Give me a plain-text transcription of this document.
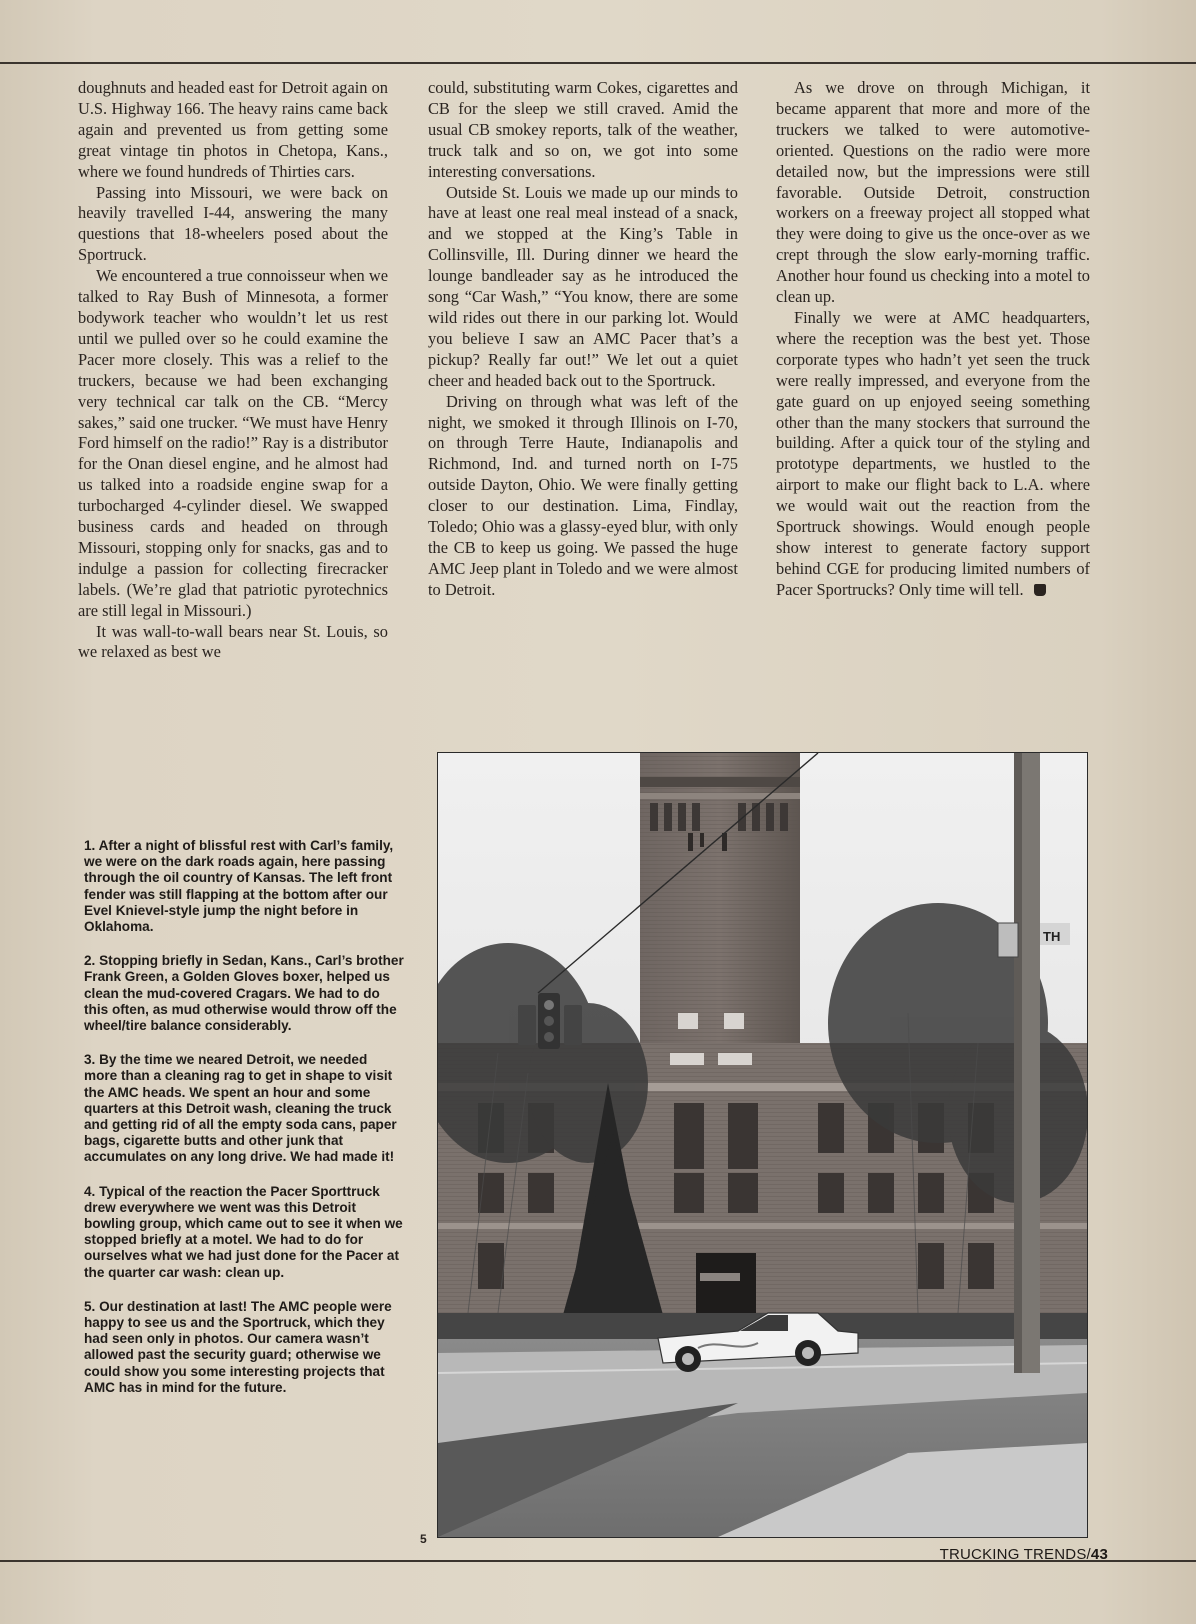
doughnuts and headed east for Detroit again on U.S. Highway 166. The heavy rains came back again and prevented us from getting some great vintage tin photos in Chetopa, Kans., where we found hundreds of Thirties cars.

Passing into Missouri, we were back on heavily travelled I-44, answering the many questions that 18-wheelers posed about the Sportruck.

We encountered a true connoisseur when we talked to Ray Bush of Minnesota, a former bodywork teacher who wouldn’t let us rest until we pulled over so he could examine the Pacer more closely. This was a relief to the truckers, because we had been exchanging very technical car talk on the CB. “Mercy sakes,” said one trucker. “We must have Henry Ford himself on the radio!” Ray is a distributor for the Onan diesel engine, and he almost had us talked into a roadside engine swap for a turbocharged 4-cylinder diesel. We swapped business cards and headed on through Missouri, stopping only for snacks, gas and to indulge a passion for collecting firecracker labels. (We’re glad that patriotic pyrotechnics are still legal in Missouri.)

It was wall-to-wall bears near St. Louis, so we relaxed as best we

could, substituting warm Cokes, cigarettes and CB for the sleep we still craved. Amid the usual CB smokey reports, talk of the weather, truck talk and so on, we got into some interesting conversations.

Outside St. Louis we made up our minds to have at least one real meal instead of a snack, and we stopped at the King’s Table in Collinsville, Ill. During dinner we heard the lounge bandleader say as he introduced the song “Car Wash,” “You know, there are some wild rides out there in our parking lot. Would you believe I saw an AMC Pacer that’s a pickup? Really far out!” We let out a quiet cheer and headed back out to the Sportruck.

Driving on through what was left of the night, we smoked it through Illinois on I-70, on through Terre Haute, Indianapolis and Richmond, Ind. and turned north on I-75 outside Dayton, Ohio. We were finally getting closer to our destination. Lima, Findlay, Toledo; Ohio was a glassy-eyed blur, with only the CB to keep us going. We passed the huge AMC Jeep plant in Toledo and we were almost to Detroit.

As we drove on through Michigan, it became apparent that more and more of the truckers we talked to were automotive-oriented. Questions on the radio were more detailed now, but the impressions were still favorable. Outside Detroit, construction workers on a freeway project all stopped what they were doing to give us the once-over as we crept through the slow early-morning traffic. Another hour found us checking into a motel to clean up.

Finally we were at AMC headquarters, where the reception was the best yet. Those corporate types who hadn’t yet seen the truck were really impressed, and everyone from the gate guard on up enjoyed seeing something other than the many stockers that surround the building. After a quick tour of the styling and prototype departments, we hustled to the airport to make our flight back to L.A. where we would wait out the reaction from the Sportruck showings. Would enough people show interest to generate factory support behind CGE for producing limited numbers of Pacer Sportrucks? Only time will tell.

1. After a night of blissful rest with Carl’s family, we were on the dark roads again, here passing through the oil country of Kansas. The left front fender was still flapping at the bottom after our Evel Knievel-style jump the night before in Oklahoma.

2. Stopping briefly in Sedan, Kans., Carl’s brother Frank Green, a Golden Gloves boxer, helped us clean the mud-covered Cragars. We had to do this often, as mud otherwise would throw off the wheel/tire balance considerably.

3. By the time we neared Detroit, we needed more than a cleaning rag to get in shape to visit the AMC heads. We spent an hour and some quarters at this Detroit wash, cleaning the truck and getting rid of all the empty soda cans, paper bags, cigarette butts and other junk that accumulates on any long drive. We had made it!

4. Typical of the reaction the Pacer Sporttruck drew everywhere we went was this Detroit bowling group, which came out to see it when we stopped briefly at a motel. We had to do for ourselves what we had just done for the Pacer at the quarter car wash: clean up.

5. Our destination at last! The AMC people were happy to see us and the Sportruck, which they had seen only in photos. Our camera wasn’t allowed past the security guard; otherwise we could show you some interesting projects that AMC has in mind for the future.

5
TH
TRUCKING TRENDS/43
